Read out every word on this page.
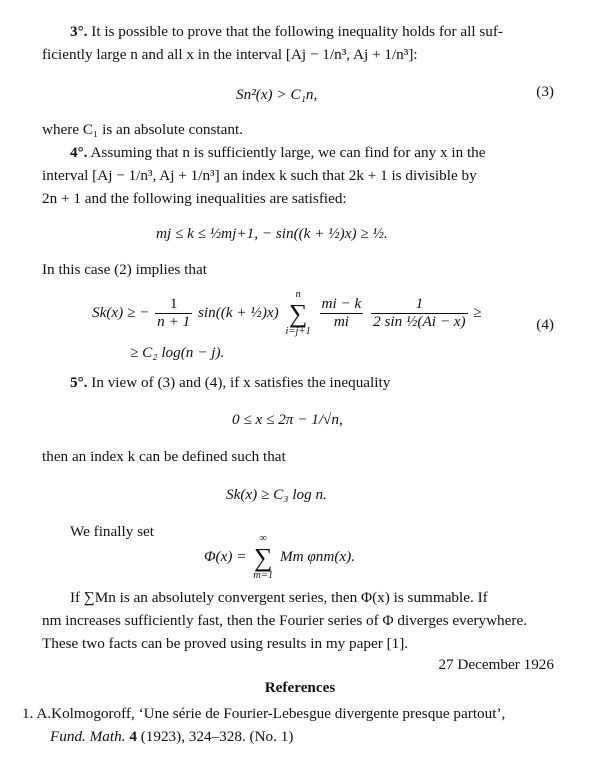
3°. It is possible to prove that the following inequality holds for all suf-
ficiently large n and all x in the interval [Aj − 1/n³, Aj + 1/n³]:
Sn²(x) > C₁n,	(3)
where C₁ is an absolute constant.
4°. Assuming that n is sufficiently large, we can find for any x in the
interval [Aj − 1/n³, Aj + 1/n³] an index k such that 2k + 1 is divisible by
2n + 1 and the following inequalities are satisfied:
mj ≤ k ≤ ½mj+1, − sin((k + ½)x) ≥ ½.
In this case (2) implies that
Sk(x) ≥ − $\frac{1}{n + 1} \sin((k$ + ½)x)
n
∑
i=j+1

$\frac{mi - k}{mi}$
$\frac{1}{\text{2 sin ½(Ai − x)}}$ ≥
(4)
≥ C₂ log(n − j).
5°. In view of (3) and (4), if x satisfies the inequality
0 ≤ x ≤ 2π − 1/√n,
then an index k can be defined such that
Sk(x) ≥ C₃ log n.
We finally set
Φ(x) =
∞
∑
m=1
Mm φnm(x).
If ∑Mn is an absolutely convergent series, then Φ(x) is summable. If
nm increases sufficiently fast, then the Fourier series of Φ diverges everywhere.
These two facts can be proved using results in my paper [1].
27 December 1926
References
1. A.Kolmogoroff, ‘Une série de Fourier-Lebesgue divergente presque partout’,
Fund. Math. 4 (1923), 324–328. (No. 1)
